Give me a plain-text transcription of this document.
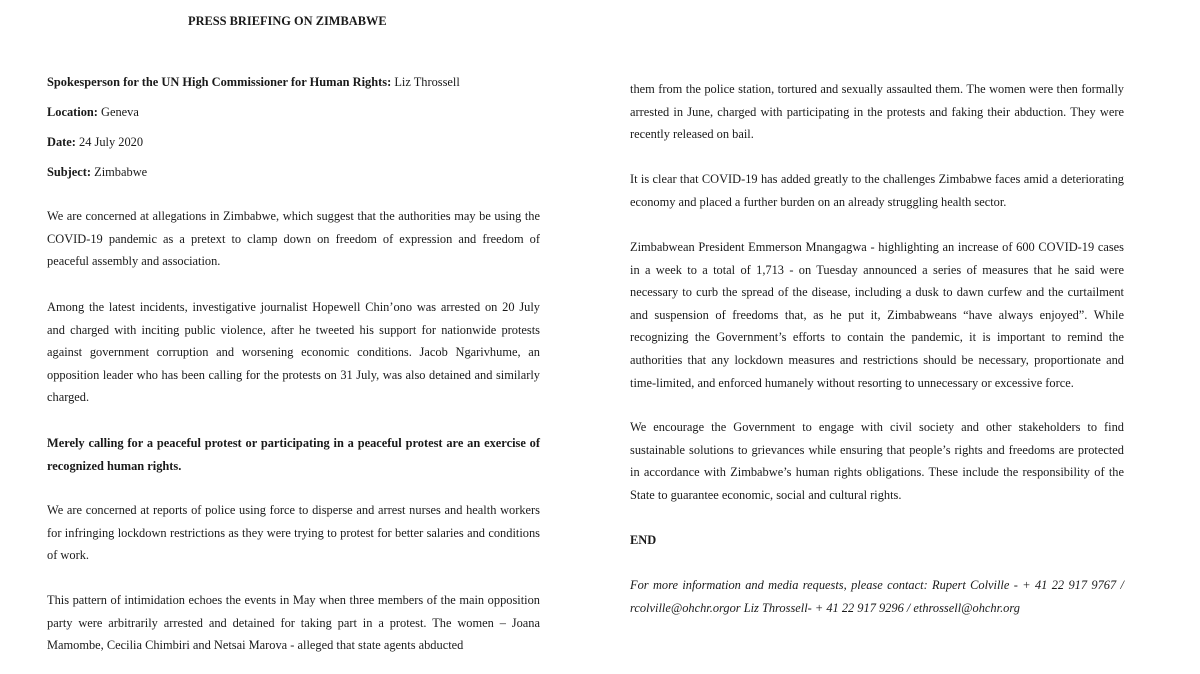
PRESS BRIEFING ON ZIMBABWE

Spokesperson for the UN High Commissioner for Human Rights: Liz Throssell

Location: Geneva

Date: 24 July 2020

Subject: Zimbabwe

We are concerned at allegations in Zimbabwe, which suggest that the authorities may be using the COVID-19 pandemic as a pretext to clamp down on freedom of expression and freedom of peaceful assembly and association.

Among the latest incidents, investigative journalist Hopewell Chin’ono was arrested on 20 July and charged with inciting public violence, after he tweeted his support for nationwide protests against government corruption and worsening economic conditions. Jacob Ngarivhume, an opposition leader who has been calling for the protests on 31 July, was also detained and similarly charged.

Merely calling for a peaceful protest or participating in a peaceful protest are an exercise of recognized human rights.

We are concerned at reports of police using force to disperse and arrest nurses and health workers for infringing lockdown restrictions as they were trying to protest for better salaries and conditions of work.

This pattern of intimidation echoes the events in May when three members of the main opposition party were arbitrarily arrested and detained for taking part in a protest. The women – Joana Mamombe, Cecilia Chimbiri and Netsai Marova - alleged that state agents abducted

them from the police station, tortured and sexually assaulted them. The women were then formally arrested in June, charged with participating in the protests and faking their abduction. They were recently released on bail.

It is clear that COVID-19 has added greatly to the challenges Zimbabwe faces amid a deteriorating economy and placed a further burden on an already struggling health sector.

Zimbabwean President Emmerson Mnangagwa - highlighting an increase of 600 COVID-19 cases in a week to a total of 1,713 - on Tuesday announced a series of measures that he said were necessary to curb the spread of the disease, including a dusk to dawn curfew and the curtailment and suspension of freedoms that, as he put it, Zimbabweans “have always enjoyed”. While recognizing the Government’s efforts to contain the pandemic, it is important to remind the authorities that any lockdown measures and restrictions should be necessary, proportionate and time-limited, and enforced humanely without resorting to unnecessary or excessive force.

We encourage the Government to engage with civil society and other stakeholders to find sustainable solutions to grievances while ensuring that people’s rights and freedoms are protected in accordance with Zimbabwe’s human rights obligations. These include the responsibility of the State to guarantee economic, social and cultural rights.

END

For more information and media requests, please contact: Rupert Colville - + 41 22 917 9767 / rcolville@ohchr.orgor Liz Throssell- + 41 22 917 9296 / ethrossell@ohchr.org
